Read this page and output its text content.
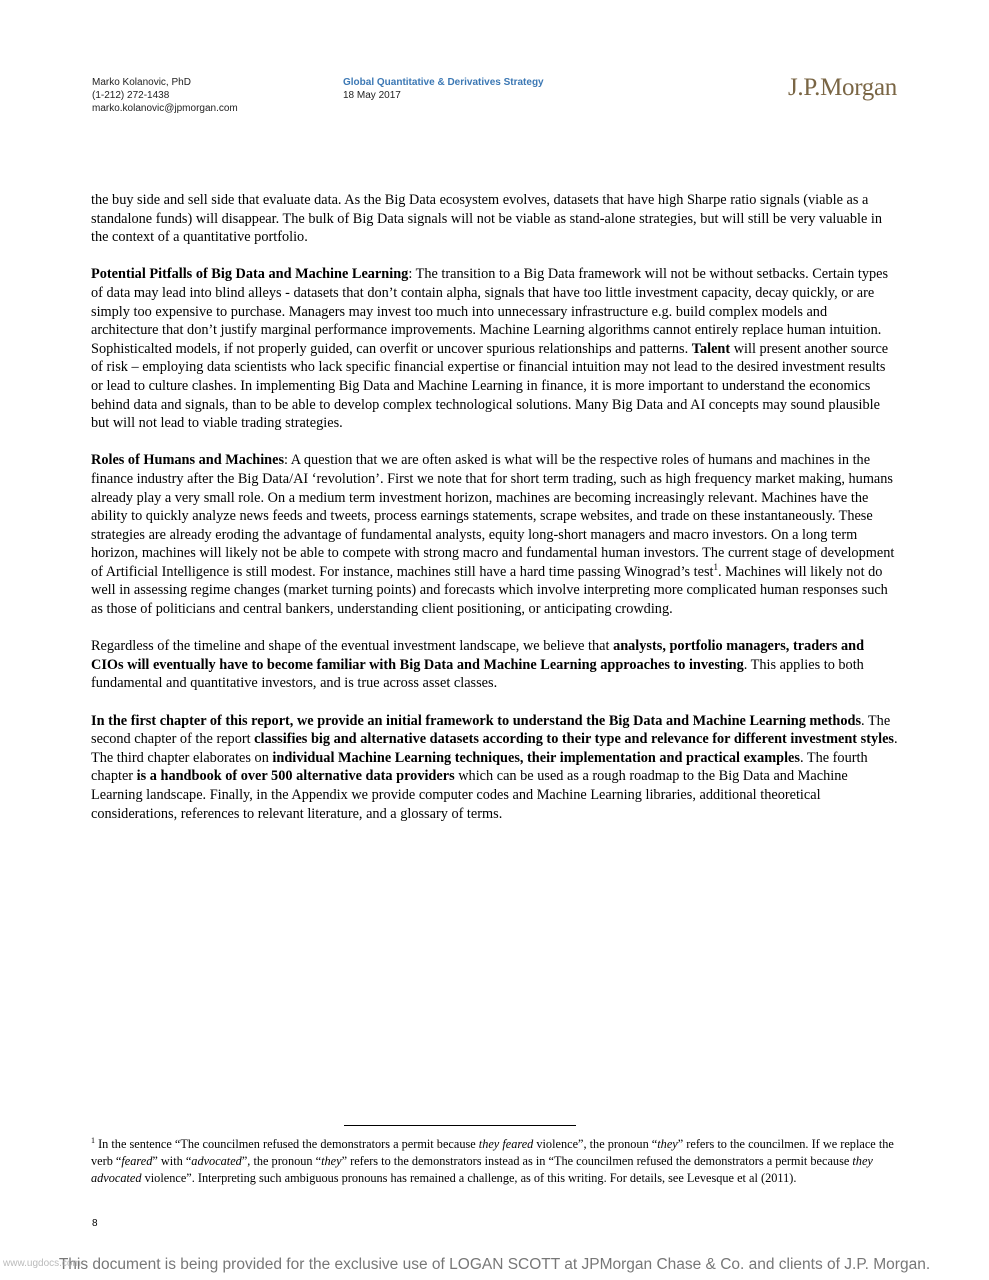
Marko Kolanovic, PhD
(1-212) 272-1438
marko.kolanovic@jpmorgan.com
Global Quantitative & Derivatives Strategy
18 May 2017	J.P.Morgan

the buy side and sell side that evaluate data. As the Big Data ecosystem evolves, datasets that have high Sharpe ratio signals (viable as a standalone funds) will disappear. The bulk of Big Data signals will not be viable as stand-alone strategies, but will still be very valuable in the context of a quantitative portfolio.

Potential Pitfalls of Big Data and Machine Learning: The transition to a Big Data framework will not be without setbacks. Certain types of data may lead into blind alleys - datasets that don’t contain alpha, signals that have too little investment capacity, decay quickly, or are simply too expensive to purchase. Managers may invest too much into unnecessary infrastructure e.g. build complex models and architecture that don’t justify marginal performance improvements. Machine Learning algorithms cannot entirely replace human intuition. Sophisticalted models, if not properly guided, can overfit or uncover spurious relationships and patterns. Talent will present another source of risk – employing data scientists who lack specific financial expertise or financial intuition may not lead to the desired investment results or lead to culture clashes. In implementing Big Data and Machine Learning in finance, it is more important to understand the economics behind data and signals, than to be able to develop complex technological solutions. Many Big Data and AI concepts may sound plausible but will not lead to viable trading strategies.

Roles of Humans and Machines: A question that we are often asked is what will be the respective roles of humans and machines in the finance industry after the Big Data/AI ‘revolution’. First we note that for short term trading, such as high frequency market making, humans already play a very small role. On a medium term investment horizon, machines are becoming increasingly relevant. Machines have the ability to quickly analyze news feeds and tweets, process earnings statements, scrape websites, and trade on these instantaneously. These strategies are already eroding the advantage of fundamental analysts, equity long-short managers and macro investors. On a long term horizon, machines will likely not be able to compete with strong macro and fundamental human investors. The current stage of development of Artificial Intelligence is still modest. For instance, machines still have a hard time passing Winograd’s test$^1$. Machines will likely not do well in assessing regime changes (market turning points) and forecasts which involve interpreting more complicated human responses such as those of politicians and central bankers, understanding client positioning, or anticipating crowding.

Regardless of the timeline and shape of the eventual investment landscape, we believe that analysts, portfolio managers, traders and CIOs will eventually have to become familiar with Big Data and Machine Learning approaches to investing. This applies to both fundamental and quantitative investors, and is true across asset classes.

In the first chapter of this report, we provide an initial framework to understand the Big Data and Machine Learning methods. The second chapter of the report classifies big and alternative datasets according to their type and relevance for different investment styles. The third chapter elaborates on individual Machine Learning techniques, their implementation and practical examples. The fourth chapter is a handbook of over 500 alternative data providers which can be used as a rough roadmap to the Big Data and Machine Learning landscape. Finally, in the Appendix we provide computer codes and Machine Learning libraries, additional theoretical considerations, references to relevant literature, and a glossary of terms.

$^1$ In the sentence “The councilmen refused the demonstrators a permit because they feared violence”, the pronoun “they” refers to the councilmen. If we replace the verb “feared” with “advocated”, the pronoun “they” refers to the demonstrators instead as in “The councilmen refused the demonstrators a permit because they advocated violence”. Interpreting such ambiguous pronouns has remained a challenge, as of this writing. For details, see Levesque et al (2011).
8
This document is being provided for the exclusive use of LOGAN SCOTT at JPMorgan Chase & Co. and clients of J.P. Morgan.
www.ugdocs.com
